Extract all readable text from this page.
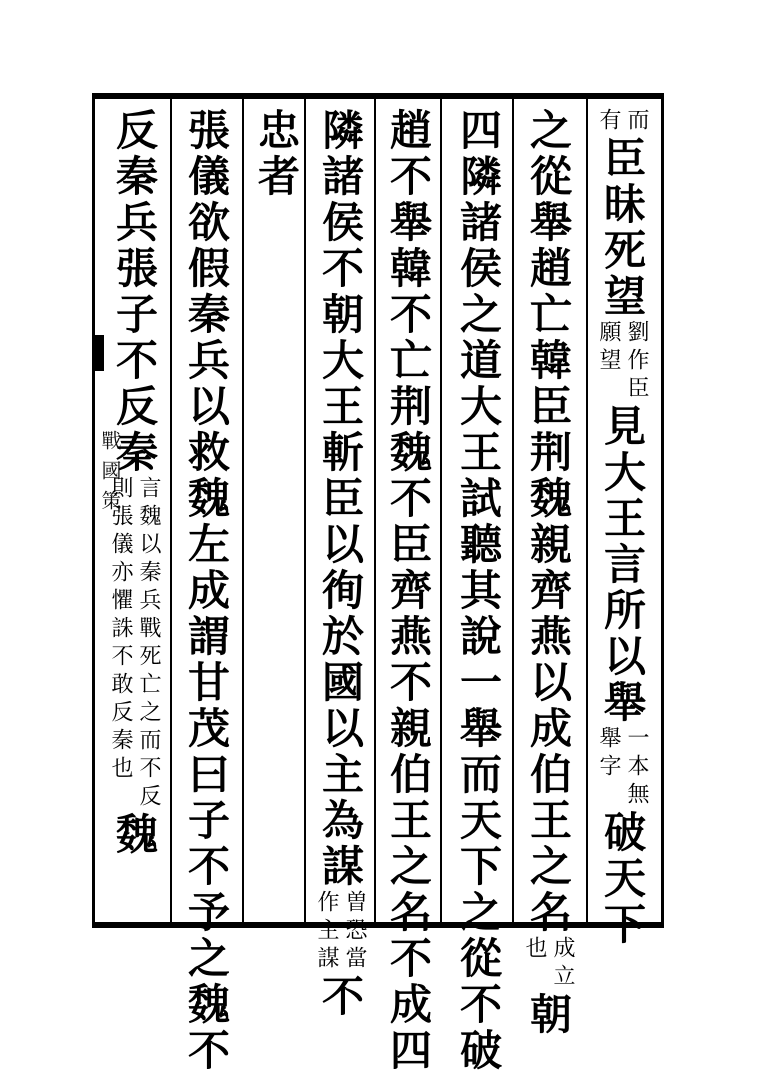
戰國策
而
有
臣昧死望
劉作臣
願望
見大王言所以舉
一本無
舉字
破天下
之從舉趙亡韓臣荆魏親齊燕以成伯王之名
成立
也
朝
四隣諸侯之道大王試聽其說一舉而天下之從不破
趙不舉韓不亡荆魏不臣齊燕不親伯王之名不成四
隣諸侯不朝大王斬臣以徇於國以主為謀
曽恐當
作主謀
不
忠者
張儀欲假秦兵以救魏左成謂甘茂曰子不予之魏不
反秦兵張子不反秦
言魏以秦兵戰死亡之而不反
則張儀亦懼誅不敢反秦也
魏
